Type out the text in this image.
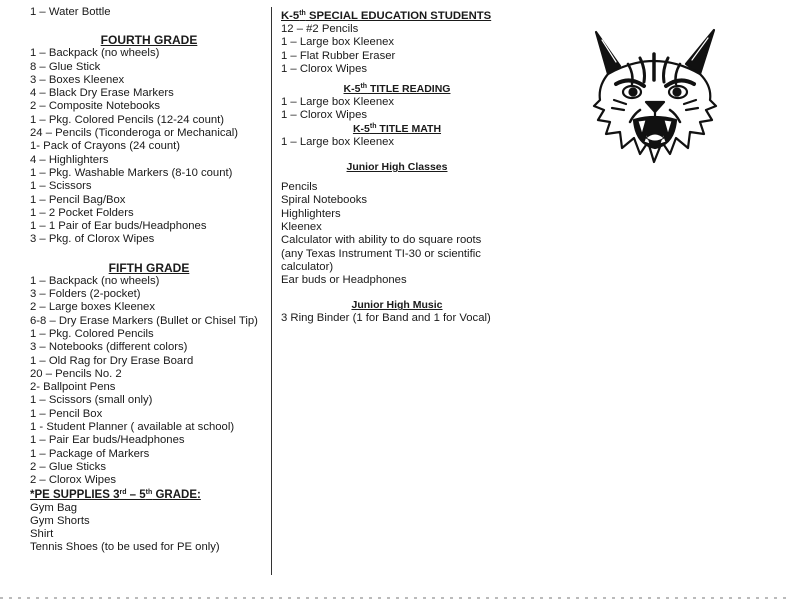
1 – Water Bottle
FOURTH GRADE
1 – Backpack (no wheels)
8 – Glue Stick
3 – Boxes Kleenex
4 – Black Dry Erase Markers
2 – Composite Notebooks
1 – Pkg. Colored Pencils (12-24 count)
24 – Pencils (Ticonderoga or Mechanical)
1- Pack of Crayons (24 count)
4 – Highlighters
1 – Pkg. Washable Markers (8-10 count)
1 – Scissors
1 – Pencil Bag/Box
1 – 2 Pocket Folders
1 – 1 Pair of Ear buds/Headphones
3 – Pkg. of Clorox Wipes
FIFTH GRADE
1 – Backpack (no wheels)
3 – Folders (2-pocket)
2 – Large boxes Kleenex
6-8 – Dry Erase Markers (Bullet or Chisel Tip)
1 – Pkg. Colored Pencils
3 – Notebooks (different colors)
1 – Old Rag for Dry Erase Board
20 – Pencils No. 2
2- Ballpoint Pens
1 – Scissors (small only)
1 – Pencil Box
1 - Student Planner ( available at school)
1 – Pair Ear buds/Headphones
1 – Package of Markers
2 – Glue Sticks
2 – Clorox Wipes
*PE SUPPLIES 3rd – 5th GRADE:
Gym Bag
Gym Shorts
Shirt
Tennis Shoes (to be used for PE only)
K-5th SPECIAL EDUCATION STUDENTS
12 – #2 Pencils
1 – Large box Kleenex
1 – Flat Rubber Eraser
1 – Clorox Wipes
K-5th TITLE READING
1 – Large box Kleenex
1 – Clorox Wipes
K-5th TITLE MATH
1 – Large box Kleenex
Junior High Classes
Pencils
Spiral Notebooks
Highlighters
Kleenex
Calculator with ability to do square roots (any Texas Instrument TI-30 or scientific calculator)
Ear buds or Headphones
Junior High Music
3 Ring Binder (1 for Band and 1 for Vocal)
